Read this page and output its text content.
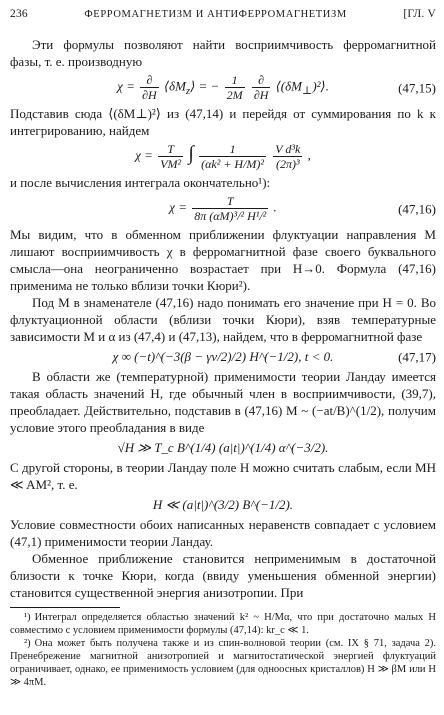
236	ФЕРРОМАГНЕТИЗМ И АНТИФЕРРОМАГНЕТИЗМ	[ГЛ. V

Эти формулы позволяют найти восприимчивость ферромагнитной фазы, т. е. производную

$\chi = \frac{\partial}{\partial H}$ $⟨\delta M_z⟩$ = − $\frac{1}{2M}$
$\frac{\partial}{\partial H}$ $⟨(\delta M_\perp)^2⟩$.	(47,15)

Подставив сюда ⟨(δM⊥)²⟩ из (47,14) и перейдя от суммирования по k к интегрированию, найдем

$\chi = \frac{T}{\text{VM²}}$ ∫ $\frac{1}{\text{(αk² + H/M)²}}$
$\frac{\text{V d³k}}{\text{(2π)³}}$ ,

и после вычисления интеграла окончательно¹):

$\chi = \frac{T}{\text{8π (αM)³/² H¹/²}}$ .	(47,16)

Мы видим, что в обменном приближении флуктуации направления M лишают восприимчивость χ в ферромагнитной фазе своего буквального смысла—она неограниченно возрастает при H→0. Формула (47,16) применима не только вблизи точки Кюри²).

Под M в знаменателе (47,16) надо понимать его значение при H = 0. Во флуктуационной области (вблизи точки Кюри), взяв температурные зависимости M и α из (47,4) и (47,13), найдем, что в ферромагнитной фазе

χ ∞ (−t)^(−3(β − γν/2)/2) H^(−1/2), t < 0.	(47,17)

В области же (температурной) применимости теории Ландау имеется такая область значений H, где обычный член в восприимчивости, (39,7), преобладает. Действительно, подставив в (47,16) M ~ (−at/B)^(1/2), получим условие этого преобладания в виде

√H ≫ T_c B^(1/4) (a|t|)^(1/4) α^(−3/2).

С другой стороны, в теории Ландау поле H можно считать слабым, если MH ≪ AM², т. е.

H ≪ (a|t|)^(3/2) B^(−1/2).

Условие совместности обоих написанных неравенств совпадает с условием (47,1) применимости теории Ландау.

Обменное приближение становится неприменимым в достаточной близости к точке Кюри, когда (ввиду уменьшения обменной энергии) становится существенной энергия анизотропии. При

¹) Интеграл определяется областью значений k² ~ H/Mα, что при достаточно малых H совместимо с условием применимости формулы (47,14): kr_c ≪ 1.

²) Она может быть получена также и из спин-волновой теории (см. IX § 71, задача 2). Пренебрежение магнитной анизотропией и магнитостатической энергией флуктуаций ограничивает, однако, ее применимость условием (для одноосных кристаллов) H ≫ βM или H ≫ 4πM.
